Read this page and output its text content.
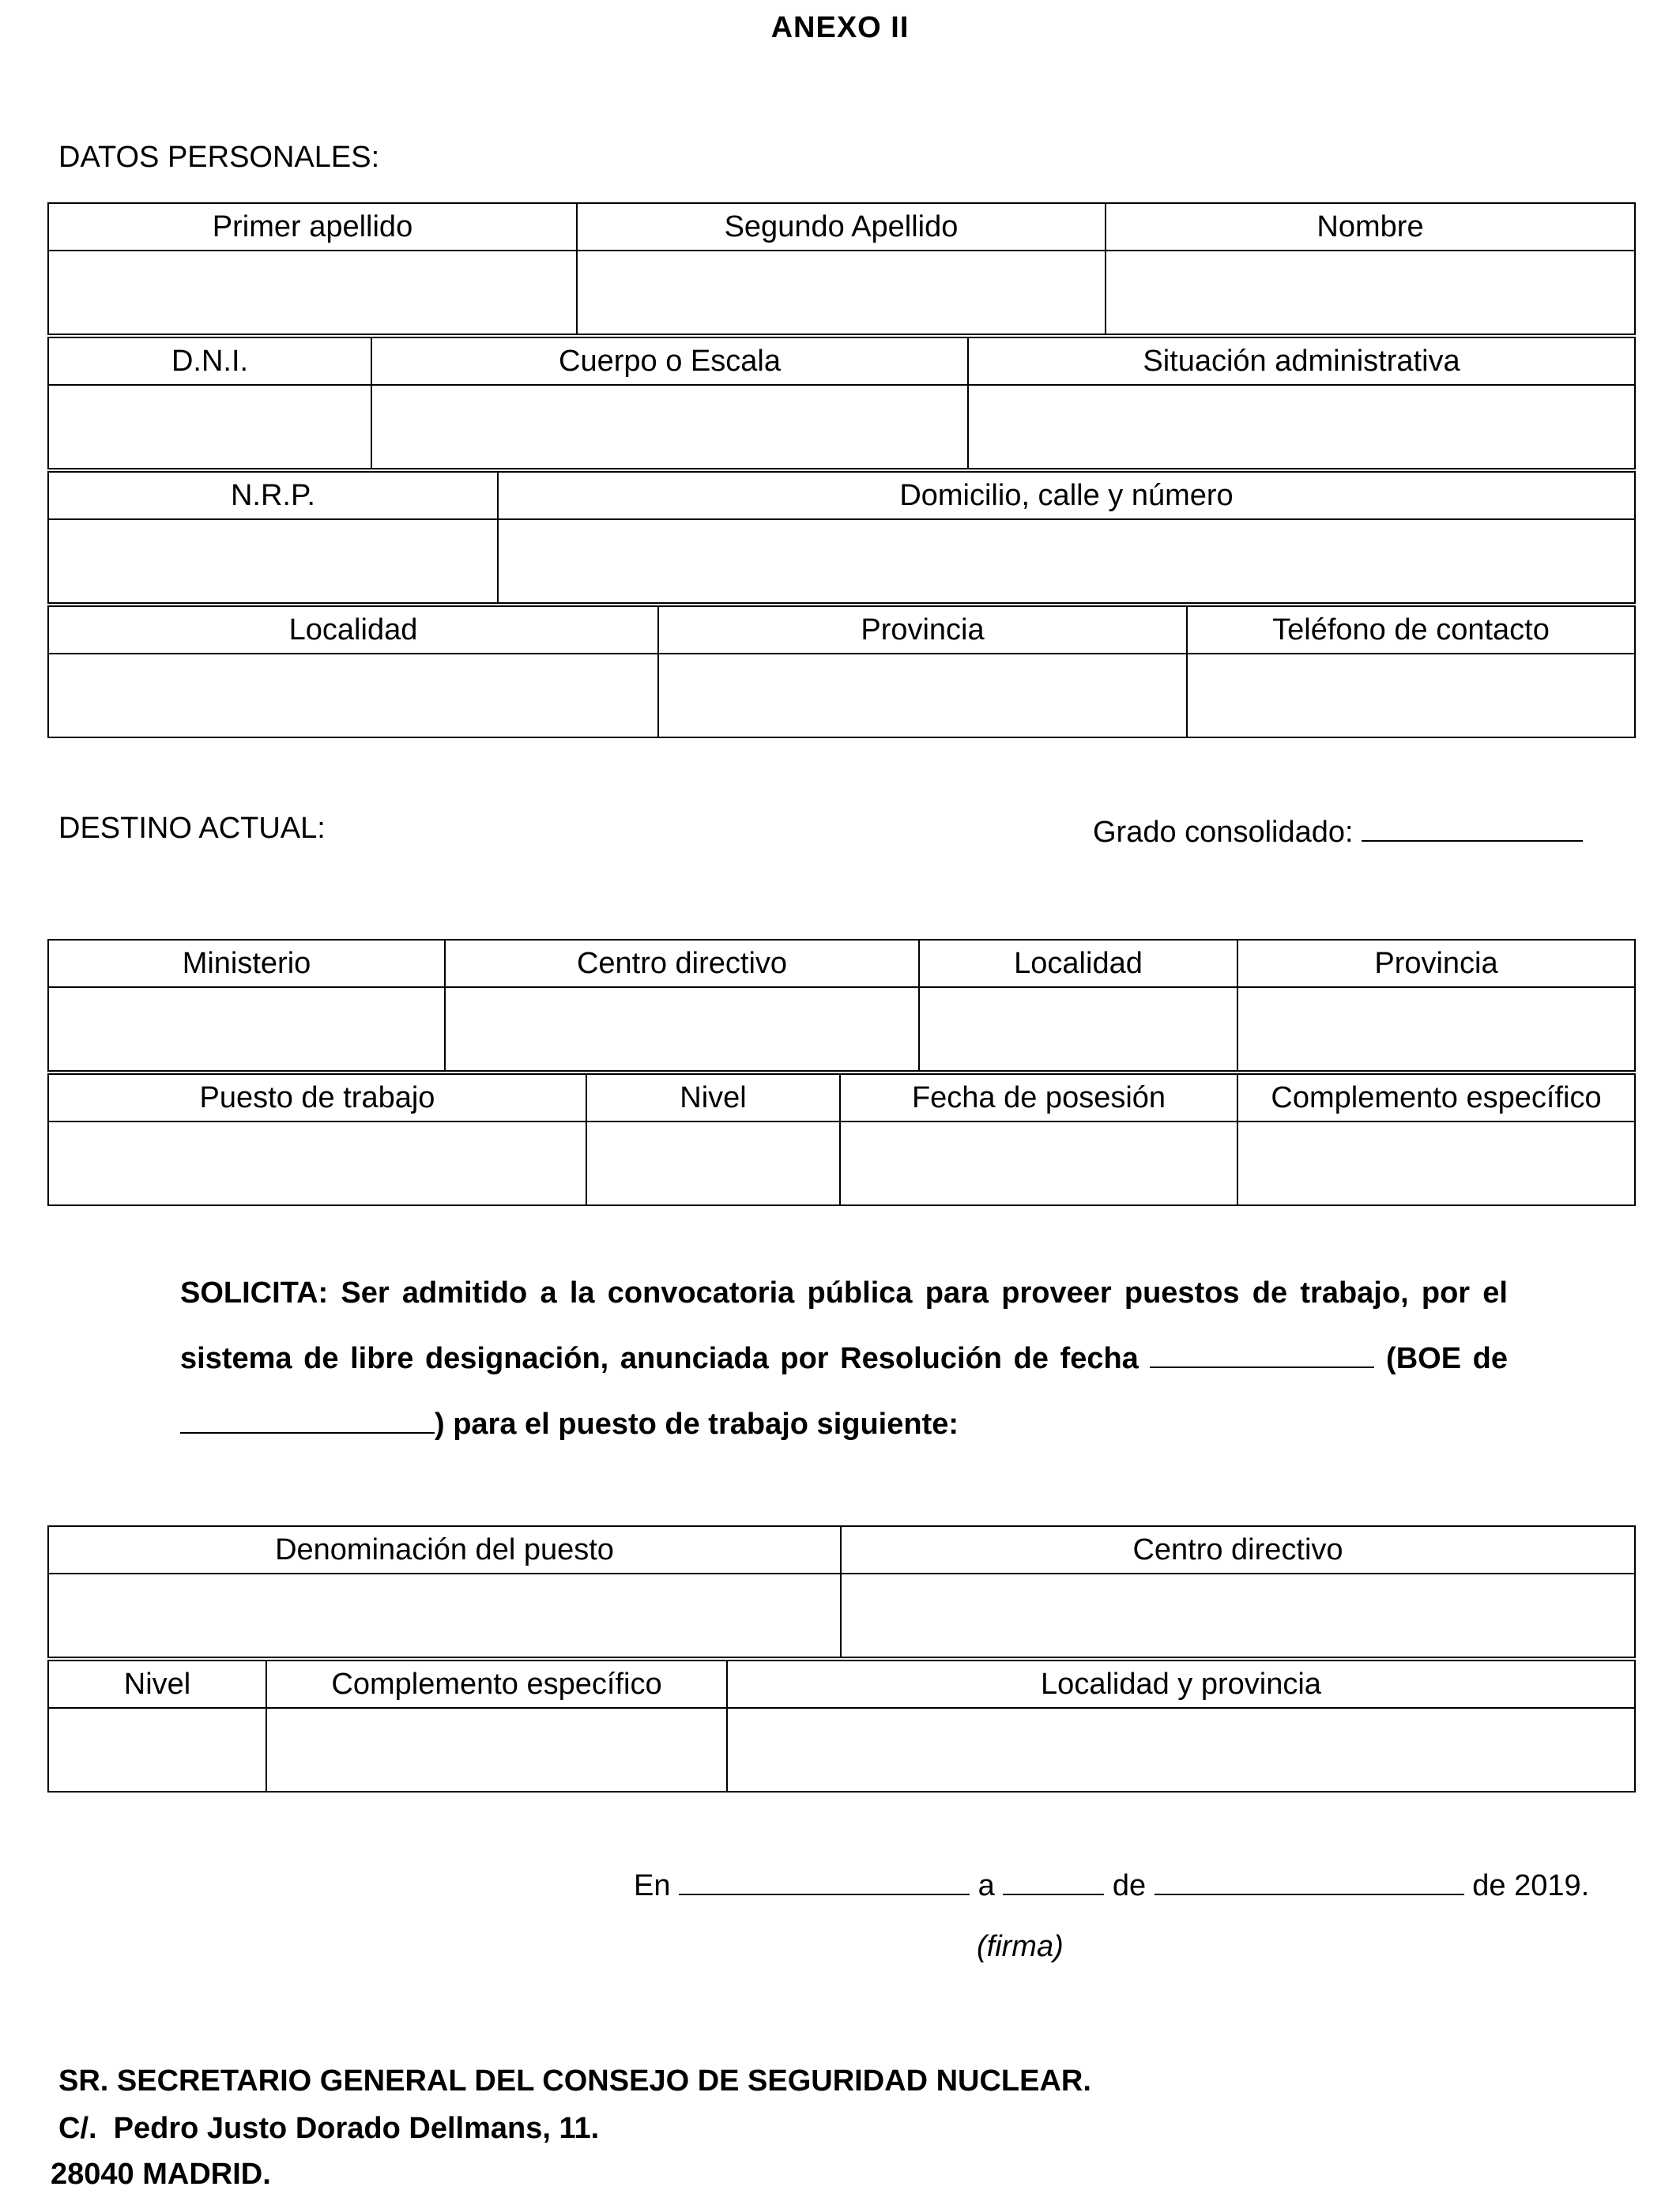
ANEXO II
DATOS PERSONALES:
Primer apellido	Segundo Apellido	Nombre

D.N.I.	Cuerpo o Escala	Situación administrativa

N.R.P.	Domicilio, calle y número

Localidad	Provincia	Teléfono de contacto

DESTINO ACTUAL:	Grado consolidado:
Ministerio	Centro directivo	Localidad	Provincia

Puesto de trabajo	Nivel	Fecha de posesión	Complemento específico

SOLICITA: Ser admitido a la convocatoria pública para proveer puestos de trabajo, por el sistema de libre designación, anunciada por Resolución de fecha	(BOE de ) para el puesto de trabajo siguiente:
Denominación del puesto	Centro directivo

Nivel	Complemento específico	Localidad y provincia

En	a	de	de 2019.
(firma)
SR. SECRETARIO GENERAL DEL CONSEJO DE SEGURIDAD NUCLEAR.
C/.  Pedro Justo Dorado Dellmans, 11.
28040 MADRID.
